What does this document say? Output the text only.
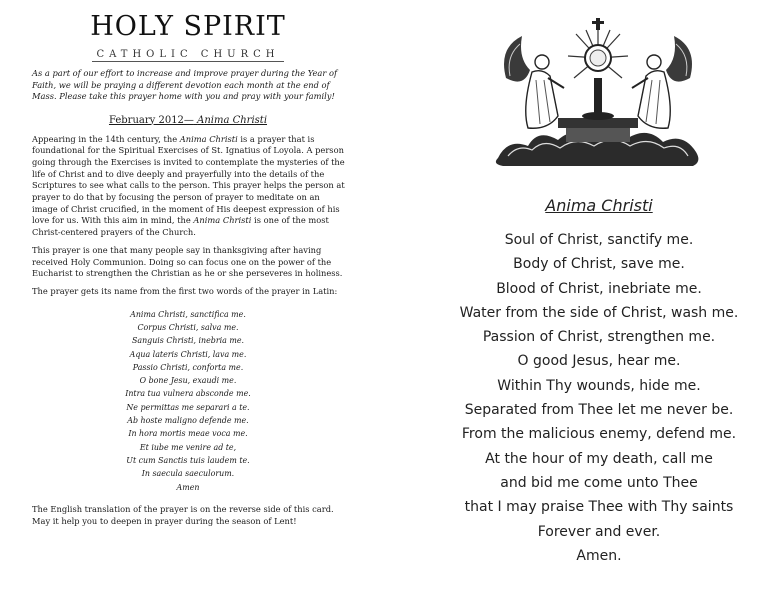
HOLY SPIRIT
CATHOLIC CHURCH
As a part of our effort to increase and improve prayer during the Year of Faith, we will be praying a different devotion each month at the end of Mass. Please take this prayer home with you and pray with your family!
February 2012— Anima Christi
Appearing in the 14th century, the Anima Christi is a prayer that is foundational for the Spiritual Exercises of St. Ignatius of Loyola. A person going through the Exercises is invited to contemplate the mysteries of the life of Christ and to dive deeply and prayerfully into the details of the Scriptures to see what calls to the person. This prayer helps the person at prayer to do that by focusing the person of prayer to meditate on an image of Christ crucified, in the moment of His deepest expression of his love for us. With this aim in mind, the Anima Christi is one of the most Christ-centered prayers of the Church.
This prayer is one that many people say in thanksgiving after having received Holy Communion. Doing so can focus one on the power of the Eucharist to strengthen the Christian as he or she perseveres in holiness.
The prayer gets its name from the first two words of the prayer in Latin:
Anima Christi, sanctifica me.
Corpus Christi, salva me.
Sanguis Christi, inebria me.
Aqua lateris Christi, lava me.
Passio Christi, conforta me.
O bone Jesu, exaudi me.
Intra tua vulnera absconde me.
Ne permittas me separari a te.
Ab hoste maligno defende me.
In hora mortis meae voca me.
Et iube me venire ad te,
Ut cum Sanctis tuis laudem te.
In saecula saeculorum.
Amen
The English translation of the prayer is on the reverse side of this card. May it help you to deepen in prayer during the season of Lent!
Anima Christi
Soul of Christ, sanctify me.
Body of Christ, save me.
Blood of Christ, inebriate me.
Water from the side of Christ, wash me.
Passion of Christ, strengthen me.
O good Jesus, hear me.
Within Thy wounds, hide me.
Separated from Thee let me never be.
From the malicious enemy, defend me.
At the hour of my death, call me
and bid me come unto Thee
that I may praise Thee with Thy saints
Forever and ever.
Amen.
